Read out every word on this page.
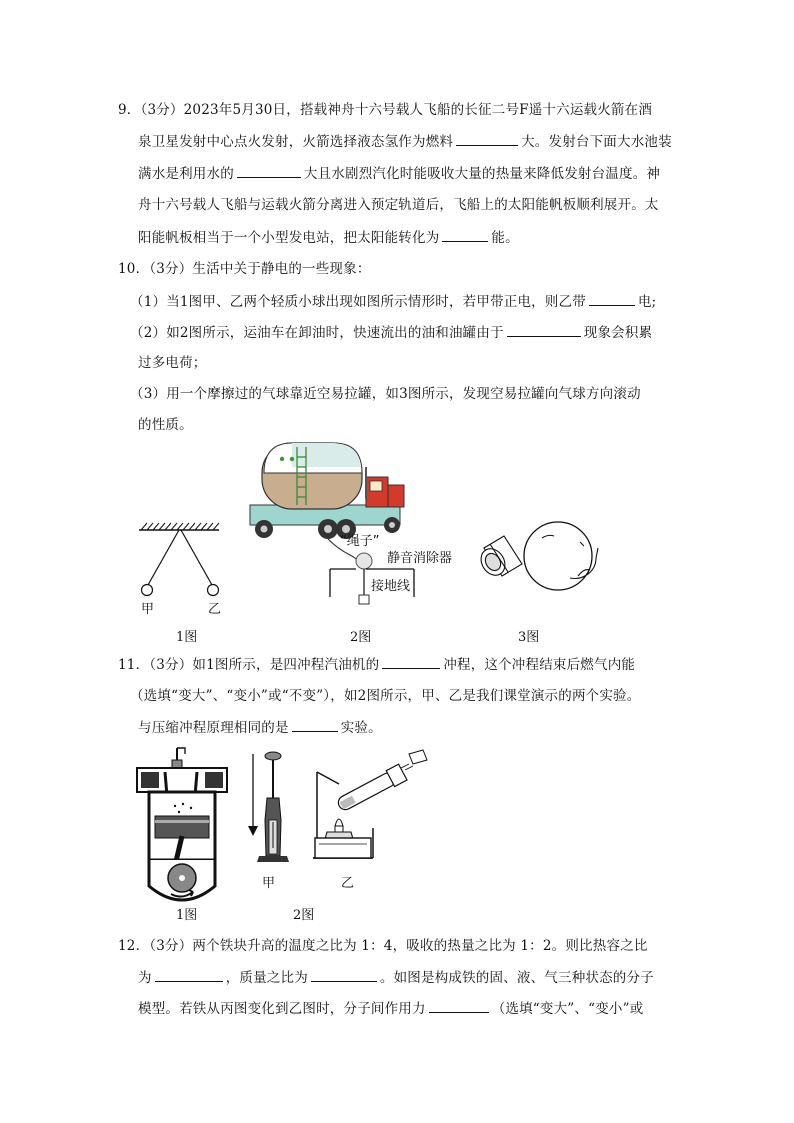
9．（3分）2023年5月30日，搭载神舟十六号载人飞船的长征二号F遥十六运载火箭在酒
泉卫星发射中心点火发射，火箭选择液态氢作为燃料	大。发射台下面大水池装
满水是利用水的	大且水剧烈汽化时能吸收大量的热量来降低发射台温度。神
舟十六号载人飞船与运载火箭分离进入预定轨道后，飞船上的太阳能帆板顺利展开。太
阳能帆板相当于一个小型发电站，把太阳能转化为	能。
10．（3分）生活中关于静电的一些现象：
（1）当1图甲、乙两个轻质小球出现如图所示情形时，若甲带正电，则乙带	电;
（2）如2图所示，运油车在卸油时，快速流出的油和油罐由于	现象会积累
过多电荷；
（3）用一个摩擦过的气球靠近空易拉罐，如3图所示，发现空易拉罐向气球方向滚动
的性质。
甲	乙
1图
“绳子”
静音消除器
接地线
2图	3图
11．（3分）如1图所示，是四冲程汽油机的	冲程，这个冲程结束后燃气内能
（选填“变大”、“变小”或“不变”），如2图所示，甲、乙是我们课堂演示的两个实验。
与压缩冲程原理相同的是	实验。
1图
甲	乙
2图
12．（3分）两个铁块升高的温度之比为 1：4，吸收的热量之比为 1：2。则比热容之比
为	，质量之比为	。如图是构成铁的固、液、气三种状态的分子
模型。若铁从丙图变化到乙图时，分子间作用力	（选填“变大”、“变小”或
